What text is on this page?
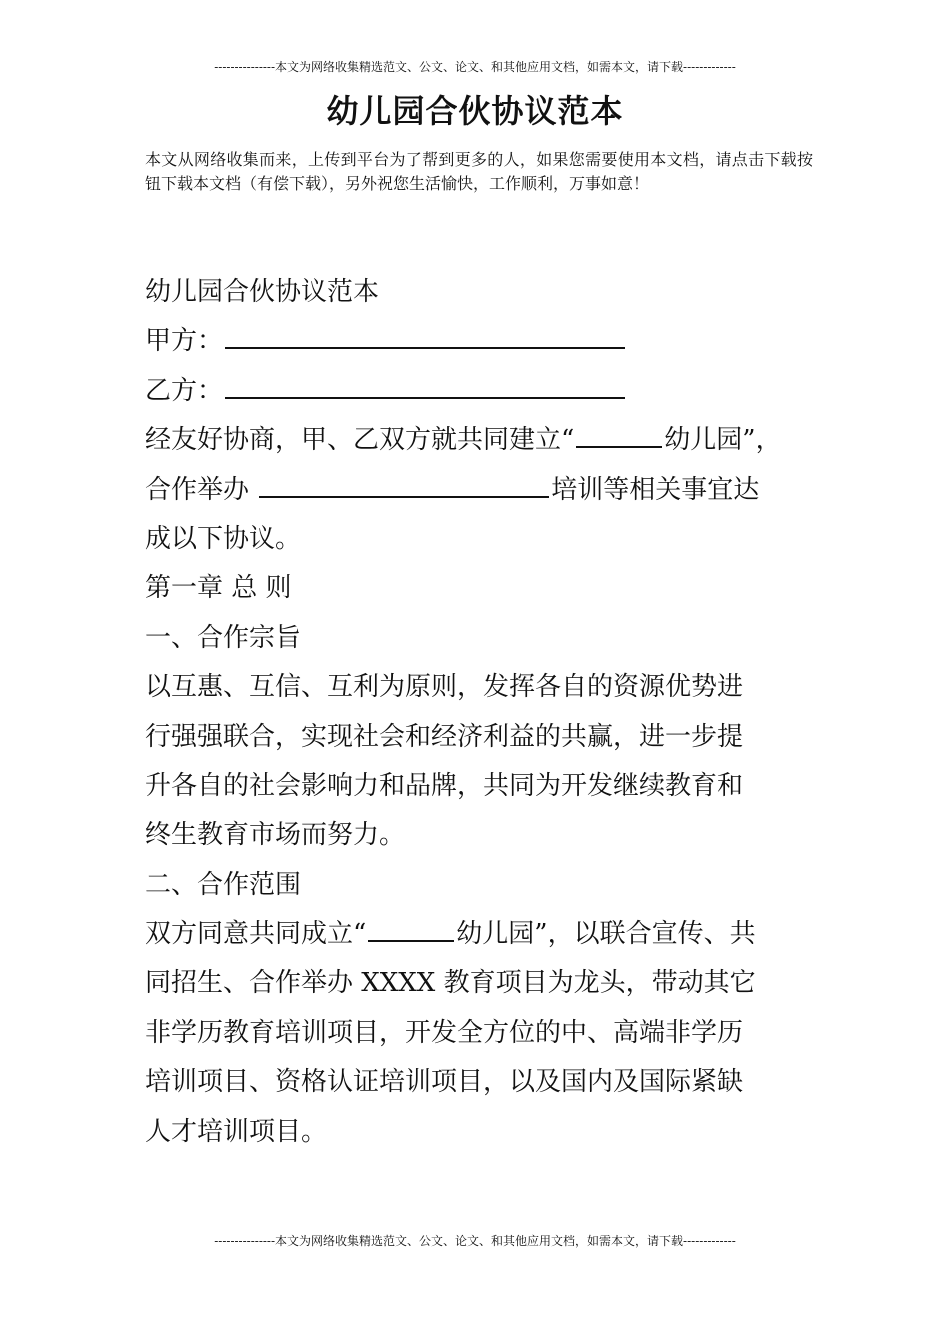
---------------本文为网络收集精选范文、公文、论文、和其他应用文档，如需本文，请下载-------------
幼儿园合伙协议范本
本文从网络收集而来，上传到平台为了帮到更多的人，如果您需要使用本文档，请点击下载按钮下载本文档（有偿下载），另外祝您生活愉快，工作顺利，万事如意！
幼儿园合伙协议范本
甲方：
乙方：
经友好协商，甲、乙双方就共同建立“	幼儿园”，
合作举办	培训等相关事宜达
成以下协议。
第一章 总 则
一、合作宗旨
以互惠、互信、互利为原则，发挥各自的资源优势进
行强强联合，实现社会和经济利益的共赢，进一步提
升各自的社会影响力和品牌，共同为开发继续教育和
终生教育市场而努力。
二、合作范围
双方同意共同成立“	幼儿园”，以联合宣传、共
同招生、合作举办 XXXX 教育项目为龙头，带动其它
非学历教育培训项目，开发全方位的中、高端非学历
培训项目、资格认证培训项目，以及国内及国际紧缺
人才培训项目。
---------------本文为网络收集精选范文、公文、论文、和其他应用文档，如需本文，请下载-------------
